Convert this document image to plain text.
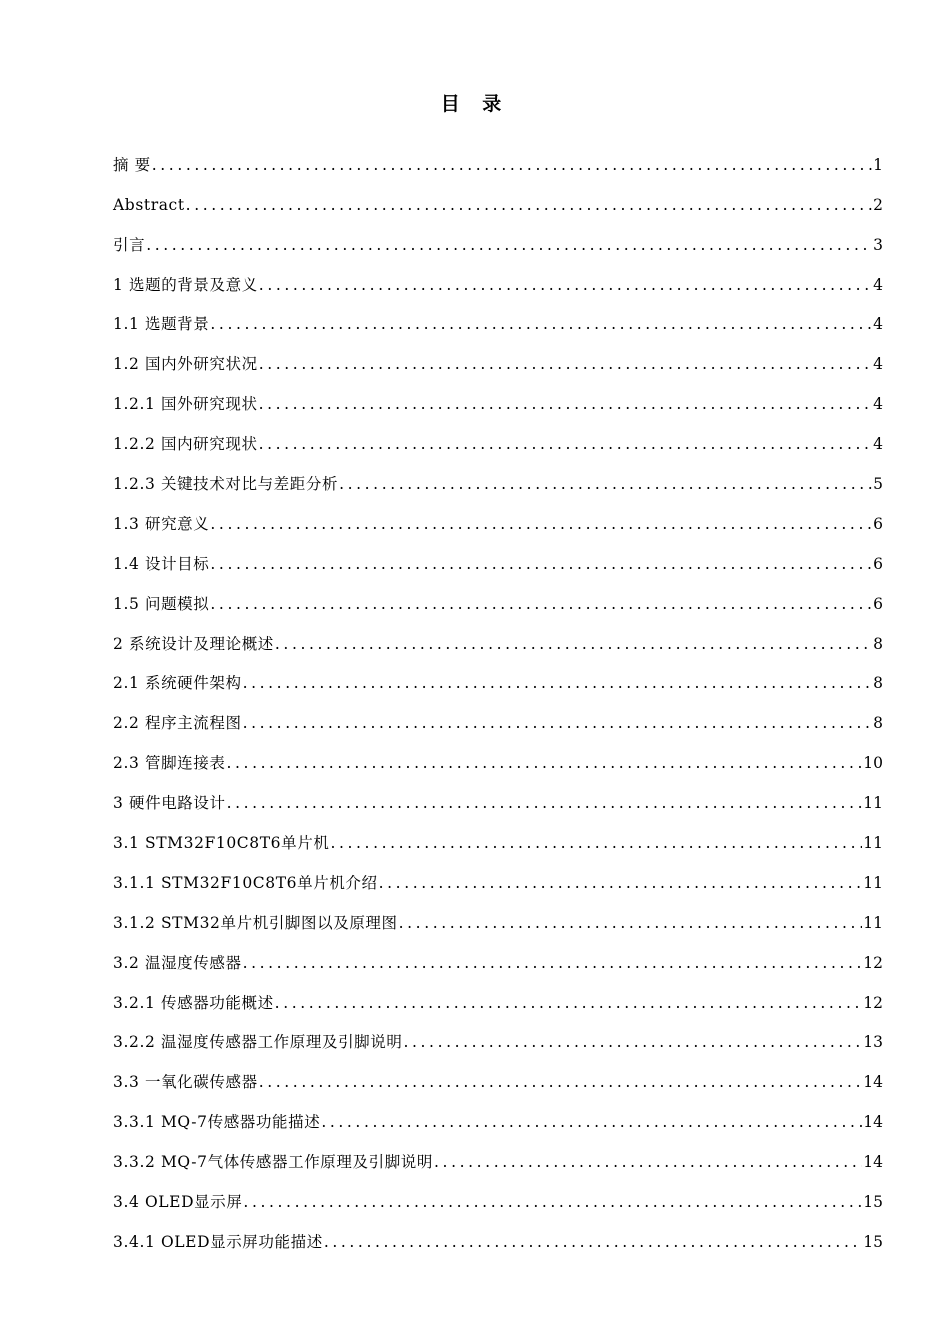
目 录
摘 要 .....	1
Abstract .....	2
引言 .....	3
1 选题的背景及意义 .....	4
1.1 选题背景 .....	4
1.2 国内外研究状况 .....	4
1.2.1 国外研究现状 .....	4
1.2.2 国内研究现状 .....	4
1.2.3 关键技术对比与差距分析 .....	5
1.3 研究意义 .....	6
1.4 设计目标 .....	6
1.5 问题模拟 .....	6
2 系统设计及理论概述 .....	8
2.1 系统硬件架构 .....	8
2.2 程序主流程图 .....	8
2.3 管脚连接表 .....	10
3 硬件电路设计 .....	11
3.1 STM32F10C8T6单片机 .....	11
3.1.1 STM32F10C8T6单片机介绍 .....	11
3.1.2 STM32单片机引脚图以及原理图 .....	11
3.2 温湿度传感器 .....	12
3.2.1 传感器功能概述 .....	12
3.2.2 温湿度传感器工作原理及引脚说明 .....	13
3.3 一氧化碳传感器 .....	14
3.3.1 MQ-7传感器功能描述 .....	14
3.3.2 MQ-7气体传感器工作原理及引脚说明 .....	14
3.4 OLED显示屏 .....	15
3.4.1 OLED显示屏功能描述 .....	15
